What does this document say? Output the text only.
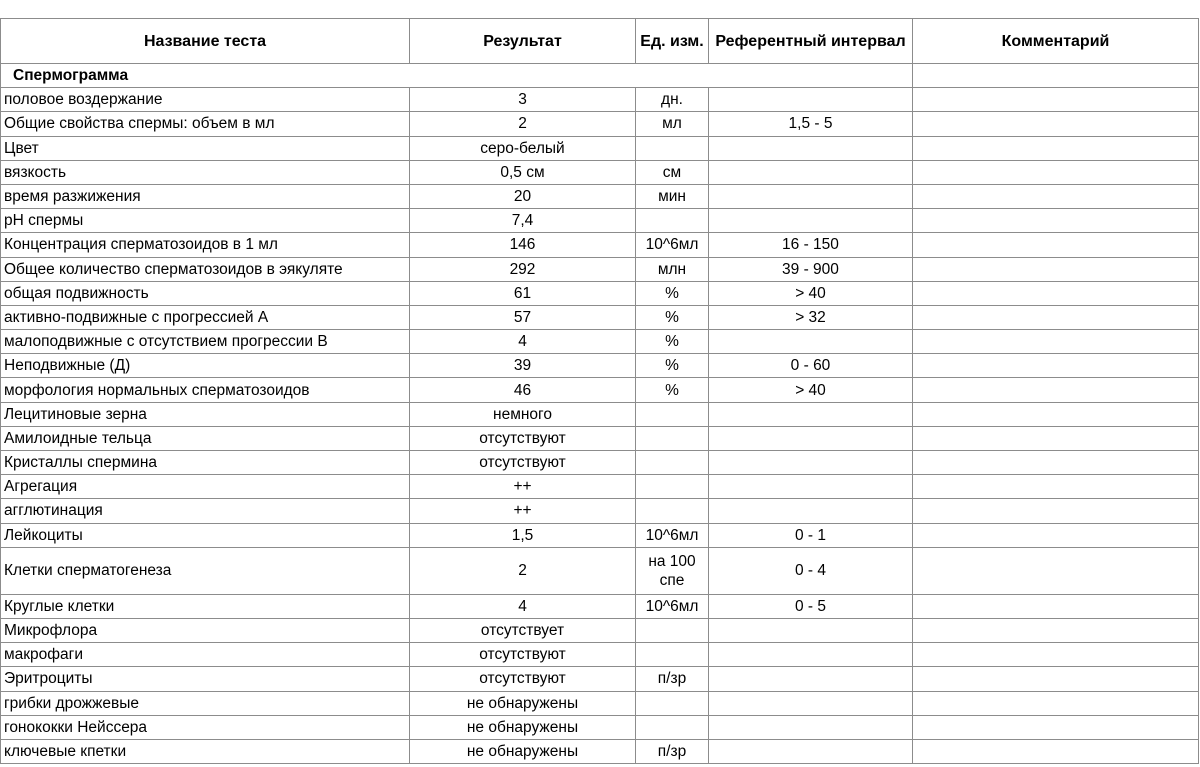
Название теста	Результат	Ед. изм.	Референтный интервал	Комментарий
Спермограмма				
половое воздержание	3	дн.		
Общие свойства спермы: объем в мл	2	мл	1,5 - 5	
Цвет	серо-белый			
вязкость	0,5 см	см		
время разжижения	20	мин		
pH спермы	7,4			
Концентрация сперматозоидов в 1 мл	146	10^6мл	16 - 150	
Общее количество сперматозоидов в эякуляте	292	млн	39 - 900	
общая подвижность	61	%	> 40	
активно-подвижные с прогрессией А	57	%	> 32	
малоподвижные с отсутствием прогрессии В	4	%		
Неподвижные (Д)	39	%	0 - 60	
морфология нормальных сперматозоидов	46	%	> 40	
Лецитиновые зерна	немного			
Амилоидные тельца	отсутствуют			
Кристаллы спермина	отсутствуют			
Агрегация	++			
агглютинация	++			
Лейкоциты	1,5	10^6мл	0 - 1	
Клетки сперматогенеза	2	на 100 спе	0 - 4	
Круглые клетки	4	10^6мл	0 - 5	
Микрофлора	отсутствует			
макрофаги	отсутствуют			
Эритроциты	отсутствуют	п/зр		
грибки дрожжевые	не обнаружены			
гонококки Нейссера	не обнаружены			
ключевые кпетки	не обнаружены	п/зр		
